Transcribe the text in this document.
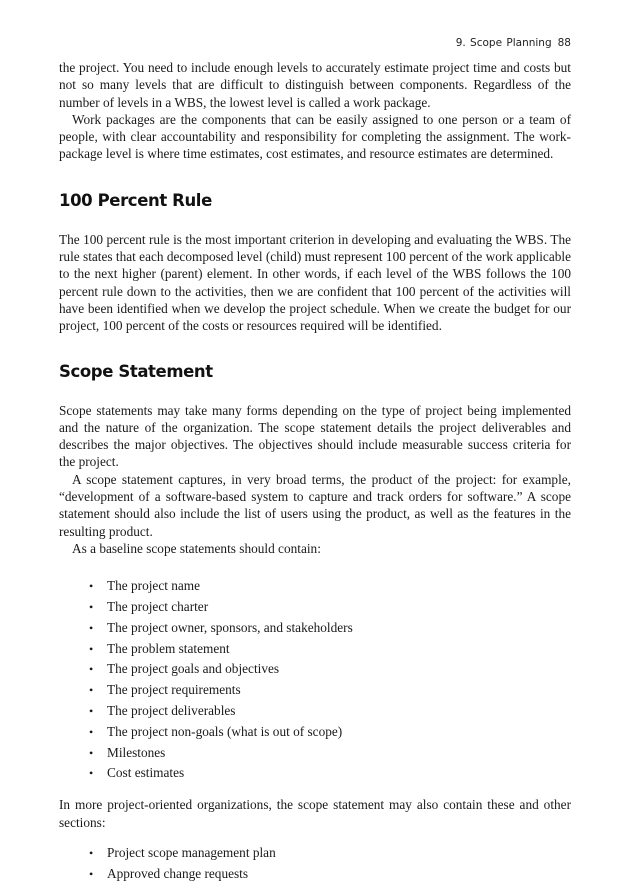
9. Scope Planning 88

the project. You need to include enough levels to accurately estimate project time and costs but not so many levels that are difficult to distinguish between components. Regardless of the number of levels in a WBS, the lowest level is called a work package.

Work packages are the components that can be easily assigned to one person or a team of people, with clear accountability and responsibility for completing the assignment. The work-package level is where time estimates, cost estimates, and resource estimates are determined.

100 Percent Rule

The 100 percent rule is the most important criterion in developing and evaluating the WBS. The rule states that each decomposed level (child) must represent 100 percent of the work applicable to the next higher (parent) element. In other words, if each level of the WBS follows the 100 percent rule down to the activities, then we are confident that 100 percent of the activities will have been identified when we develop the project schedule. When we create the budget for our project, 100 percent of the costs or resources required will be identified.

Scope Statement

Scope statements may take many forms depending on the type of project being implemented and the nature of the organization. The scope statement details the project deliverables and describes the major objectives. The objectives should include measurable success criteria for the project.

A scope statement captures, in very broad terms, the product of the project: for example, “development of a software-based system to capture and track orders for software.” A scope statement should also include the list of users using the product, as well as the features in the resulting product.

As a baseline scope statements should contain:

• The project name
• The project charter
• The project owner, sponsors, and stakeholders
• The problem statement
• The project goals and objectives
• The project requirements
• The project deliverables
• The project non-goals (what is out of scope)
• Milestones
• Cost estimates

In more project-oriented organizations, the scope statement may also contain these and other sections:

• Project scope management plan
• Approved change requests
